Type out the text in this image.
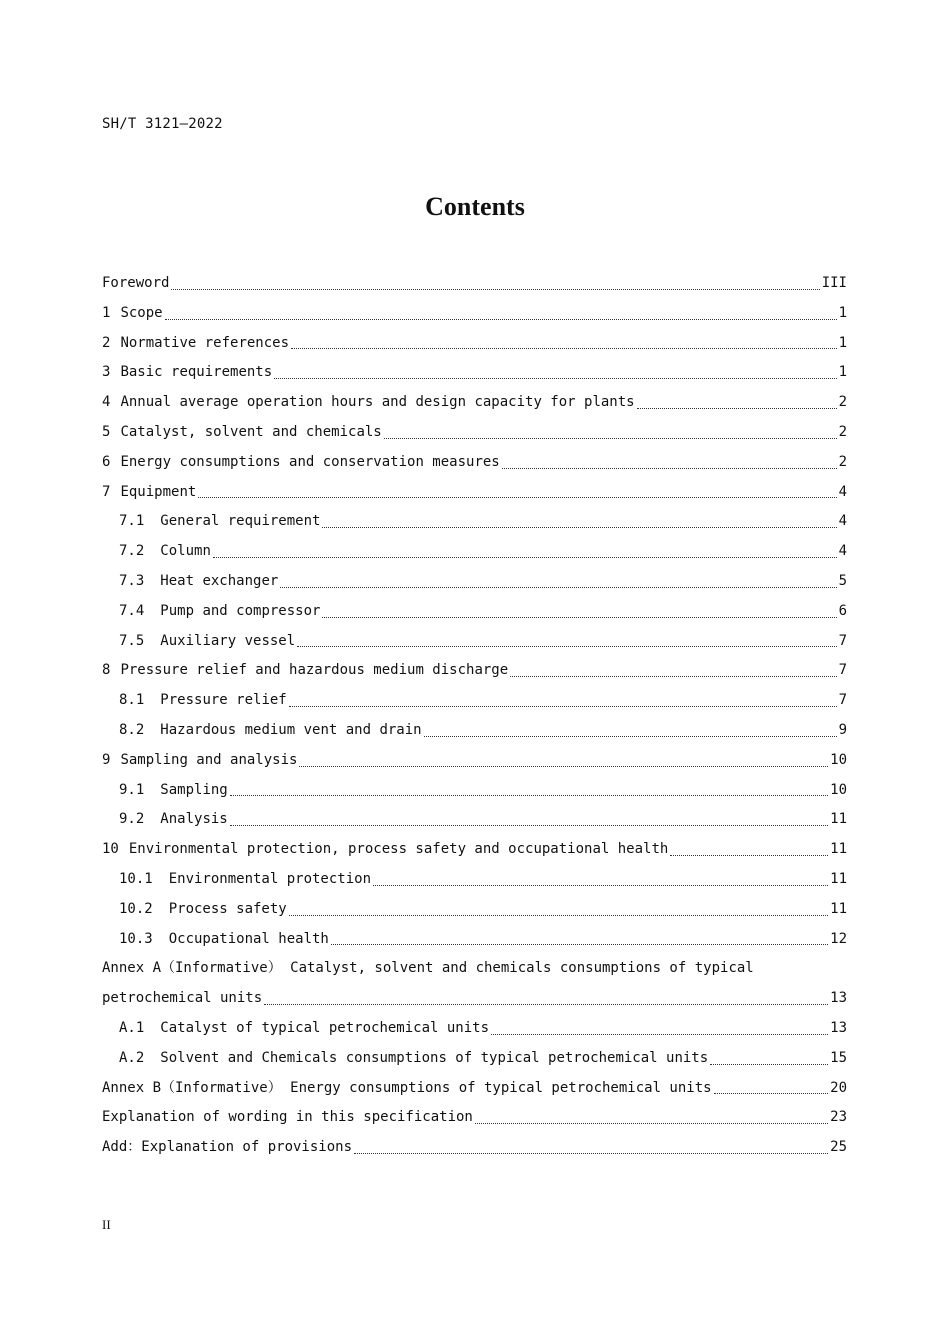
SH/T 3121—2022
Contents
Foreword	III
1 Scope	1
2 Normative references	1
3 Basic requirements	1
4 Annual average operation hours and design capacity for plants	2
5 Catalyst, solvent and chemicals	2
6 Energy consumptions and conservation measures	2
7 Equipment	4
7.1 General requirement	4
7.2 Column	4
7.3 Heat exchanger	5
7.4 Pump and compressor	6
7.5 Auxiliary vessel	7
8 Pressure relief and hazardous medium discharge	7
8.1 Pressure relief	7
8.2 Hazardous medium vent and drain	9
9 Sampling and analysis	10
9.1 Sampling	10
9.2 Analysis	11
10 Environmental protection, process safety and occupational health	11
10.1 Environmental protection	11
10.2 Process safety	11
10.3 Occupational health	12
Annex A（Informative） Catalyst, solvent and chemicals consumptions of typical
petrochemical units	13
A.1 Catalyst of typical petrochemical units	13
A.2 Solvent and Chemicals consumptions of typical petrochemical units	15
Annex B（Informative） Energy consumptions of typical petrochemical units	20
Explanation of wording in this specification	23
Add：Explanation of provisions	25
II
